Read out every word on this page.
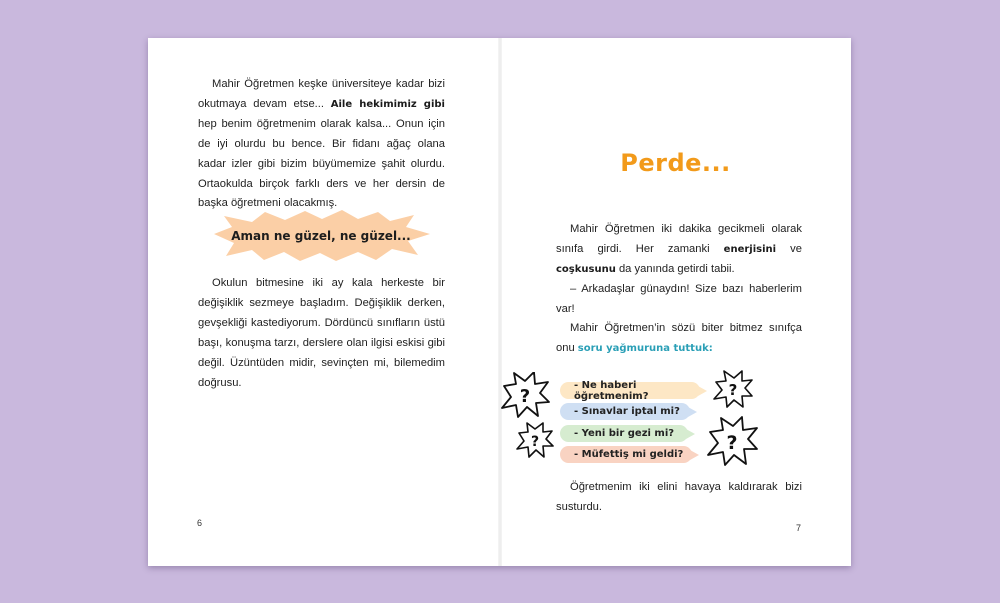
Mahir Öğretmen keşke üniversiteye kadar bizi okutmaya devam etse... Aile hekimimiz gibi hep benim öğretmenim olarak kalsa... Onun için de iyi olurdu bu bence. Bir fidanı ağaç olana kadar izler gibi bizim büyümemize şahit olurdu. Ortaokulda birçok farklı ders ve her dersin de başka öğretmeni olacakmış.

Aman ne güzel, ne güzel...

Okulun bitmesine iki ay kala herkeste bir değişiklik sezmeye başladım. Değişiklik derken, gevşekliği kastediyorum. Dördüncü sınıfların üstü başı, konuşma tarzı, derslere olan ilgisi eskisi gibi değil. Üzüntüden midir, sevinçten mi, bilemedim doğrusu.

6
Perde...

Mahir Öğretmen iki dakika gecikmeli olarak sınıfa girdi. Her zamanki enerjisini ve coşkusunu da yanında getirdi tabii.

– Arkadaşlar günaydın! Size bazı haberlerim var!

Mahir Öğretmen’in sözü biter bitmez sınıfça onu soru yağmuruna tuttuk:

?
?
?
?
- Ne haberi öğretmenim?
- Sınavlar iptal mi?
- Yeni bir gezi mi?
- Müfettiş mi geldi?

Öğretmenim iki elini havaya kaldırarak bizi susturdu.

7
